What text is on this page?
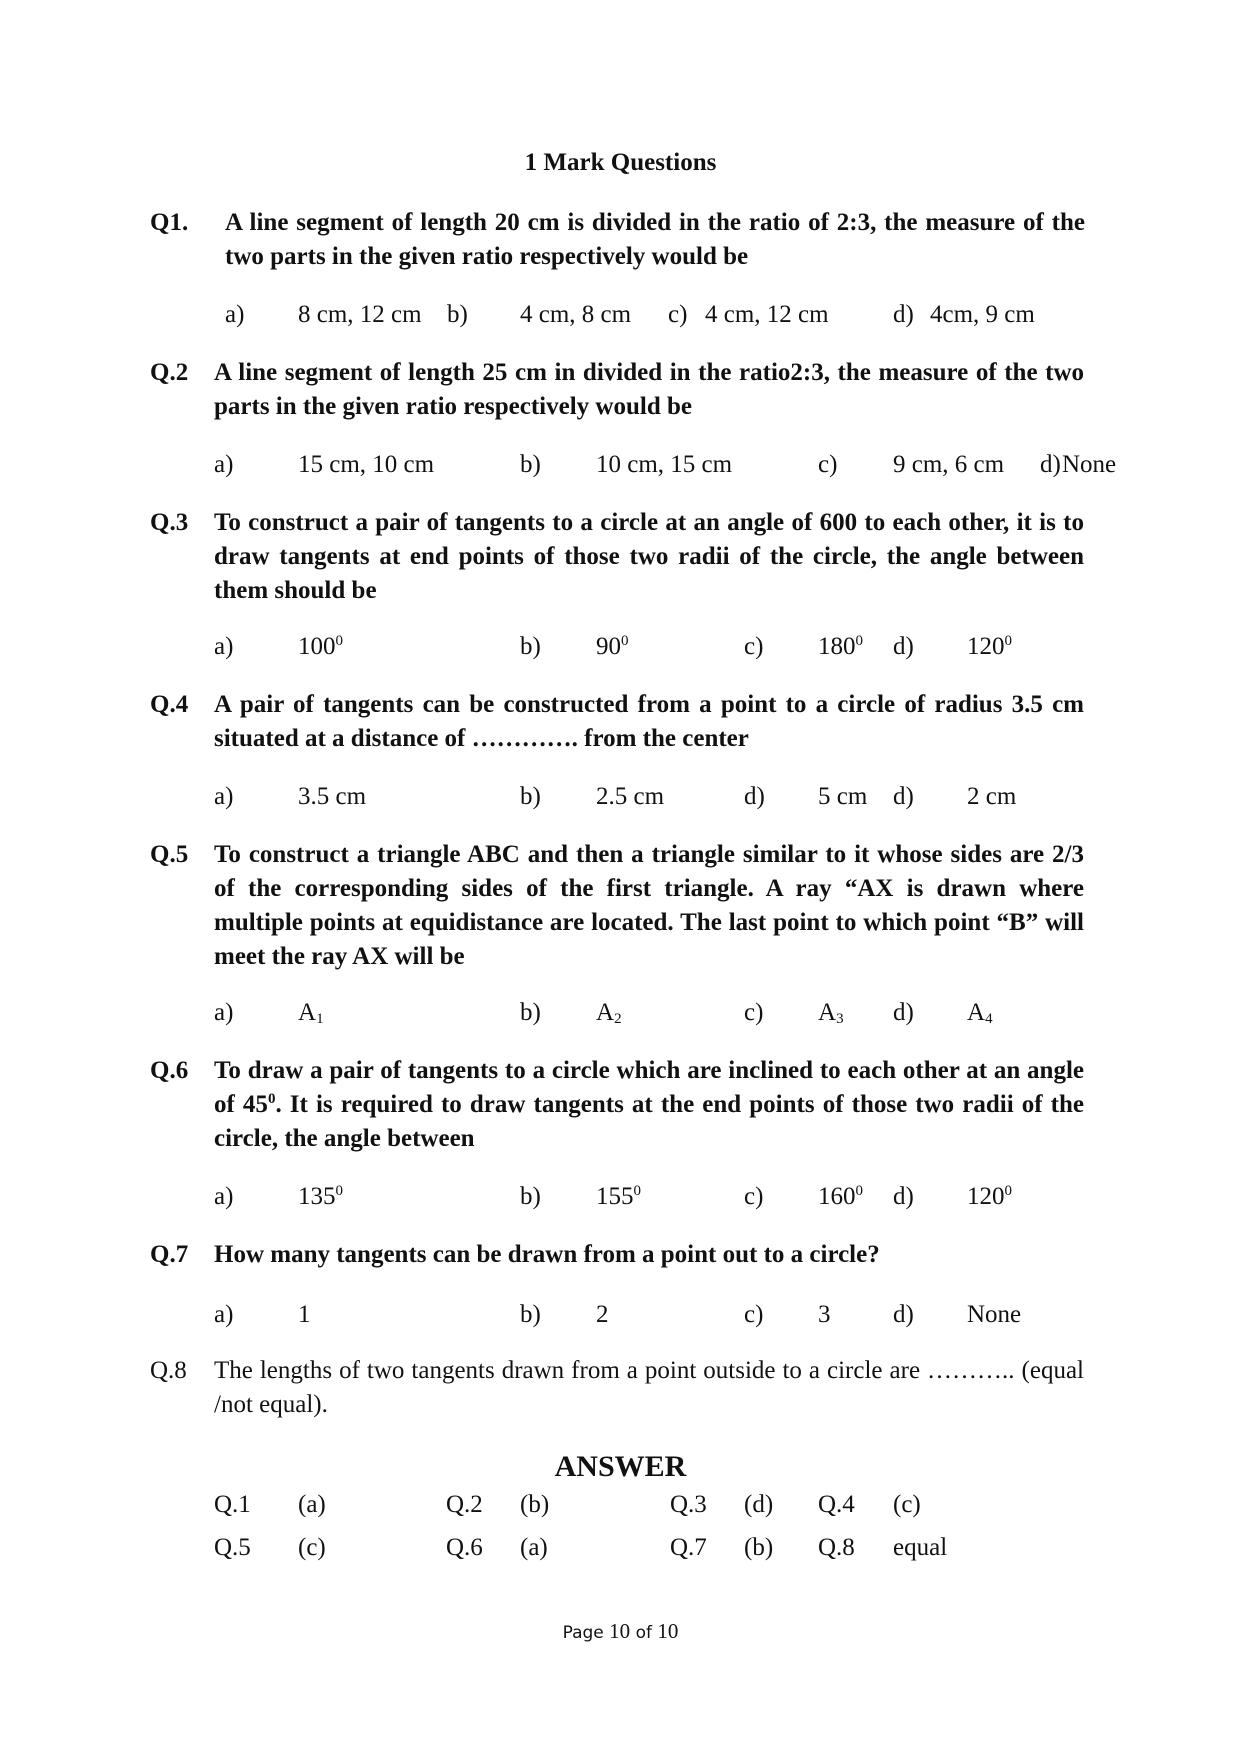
1 Mark Questions
Q1. A line segment of length 20 cm is divided in the ratio of 2:3, the measure of the two parts in the given ratio respectively would be
a) 8 cm, 12 cm b) 4 cm, 8 cm c) 4 cm, 12 cm	d) 4cm, 9 cm
Q.2 A line segment of length 25 cm in divided in the ratio2:3, the measure of the two parts in the given ratio respectively would be
a)	15 cm, 10 cm	b) 10 cm, 15 cm	c) 9 cm, 6 cm d) None
Q.3 To construct a pair of tangents to a circle at an angle of 600 to each other, it is to draw tangents at end points of those two radii of the circle, the angle between them should be
a)	$100^0$	b) $90^0$	c) $180^0$ d) $120^0$
Q.4 A pair of tangents can be constructed from a point to a circle of radius 3.5 cm situated at a distance of …………. from the center
a)	3.5 cm	b) 2.5 cm	d) 5 cm d) 2 cm
Q.5 To construct a triangle ABC and then a triangle similar to it whose sides are 2/3 of the corresponding sides of the first triangle. A ray “AX is drawn where multiple points at equidistance are located. The last point to which point “B” will meet the ray AX will be
a)	$A_1$	b) $A_2$	c) $A_3$ d) $A_4$
Q.6 To draw a pair of tangents to a circle which are inclined to each other at an angle of $45^0$. It is required to draw tangents at the end points of those two radii of the circle, the angle between
a)	$135^0$	b) $155^0$	c) $160^0$ d) $120^0$
Q.7 How many tangents can be drawn from a point out to a circle?
a)	1	b) 2	c) 3	d) None
Q.8 The lengths of two tangents drawn from a point outside to a circle are ……….. (equal /not equal).
ANSWER
Q.1 (a)	Q.2 (b)	Q.3 (d) Q.4 (c)
Q.5 (c)	Q.6 (a)	Q.7 (b) Q.8 equal
Page 10 of 10
